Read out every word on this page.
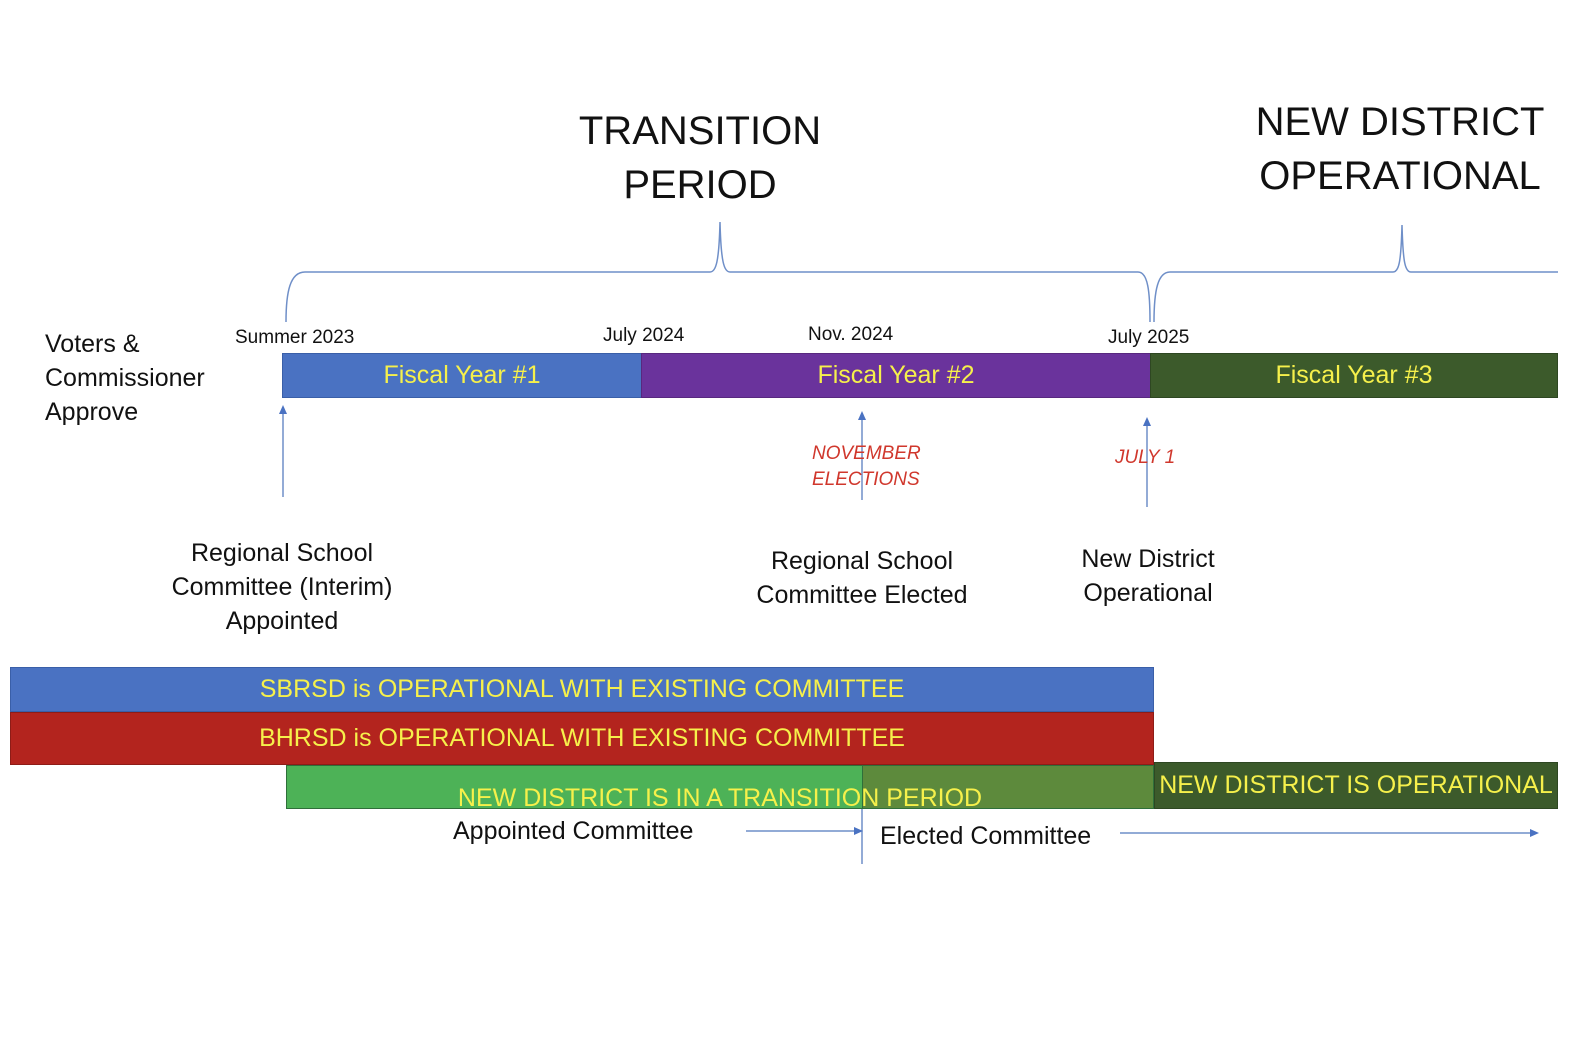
TRANSITION
PERIOD
NEW DISTRICT
OPERATIONAL
Voters &
Commissioner
Approve
Summer 2023	July 2024	Nov. 2024	July 2025
Fiscal Year #1	Fiscal Year #2	Fiscal Year #3
NOVEMBER
ELECTIONS
JULY 1
Regional School
Committee (Interim)
Appointed
Regional School
Committee Elected
New District
Operational
SBRSD is OPERATIONAL WITH EXISTING COMMITTEE
BHRSD is OPERATIONAL WITH EXISTING COMMITTEE
NEW DISTRICT IS IN A TRANSITION PERIOD	NEW DISTRICT IS OPERATIONAL
Appointed Committee	Elected Committee
